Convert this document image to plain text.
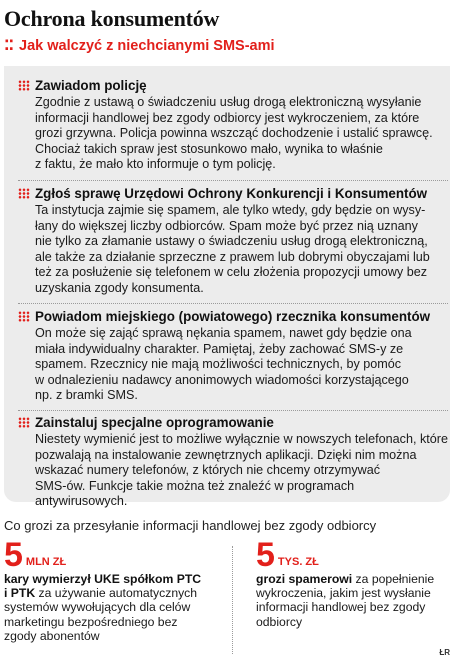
Ochrona konsumentów
⁚⁚ Jak walczyć z niechcianymi SMS-ami
Zawiadom policję
Zgodnie z ustawą o świadczeniu usług drogą elektroniczną wysyłanie
informacji handlowej bez zgody odbiorcy jest wykroczeniem, za które
grozi grzywna. Policja powinna wszcząć dochodzenie i ustalić sprawcę.
Chociaż takich spraw jest stosunkowo mało, wynika to właśnie
z faktu, że mało kto informuje o tym policję.
Zgłoś sprawę Urzędowi Ochrony Konkurencji i Konsumentów
Ta instytucja zajmie się spamem, ale tylko wtedy, gdy będzie on wysy-
łany do większej liczby odbiorców. Spam może być przez nią uznany
nie tylko za złamanie ustawy o świadczeniu usług drogą elektroniczną,
ale także za działanie sprzeczne z prawem lub dobrymi obyczajami lub
też za posłużenie się telefonem w celu złożenia propozycji umowy bez
uzyskania zgody konsumenta.
Powiadom miejskiego (powiatowego) rzecznika konsumentów
On może się zająć sprawą nękania spamem, nawet gdy będzie ona
miała indywidualny charakter. Pamiętaj, żeby zachować SMS-y ze
spamem. Rzecznicy nie mają możliwości technicznych, by pomóc
w odnalezieniu nadawcy anonimowych wiadomości korzystającego
np. z bramki SMS.
Zainstaluj specjalne oprogramowanie
Niestety wymienić jest to możliwe wyłącznie w nowszych telefonach, które
pozwalają na instalowanie zewnętrznych aplikacji. Dzięki nim można
wskazać numery telefonów, z których nie chcemy otrzymywać
SMS-ów. Funkcje takie można też znaleźć w programach
antywirusowych.
Co grozi za przesyłanie informacji handlowej bez zgody odbiorcy
5 MLN ZŁ
kary wymierzył UKE spółkom PTC
i PTK za używanie automatycznych
systemów wywołujących dla celów
marketingu bezpośredniego bez
zgody abonentów
5 TYS. ZŁ
grozi spamerowi za popełnienie
wykroczenia, jakim jest wysłanie
informacji handlowej bez zgody
odbiorcy
ŁR
